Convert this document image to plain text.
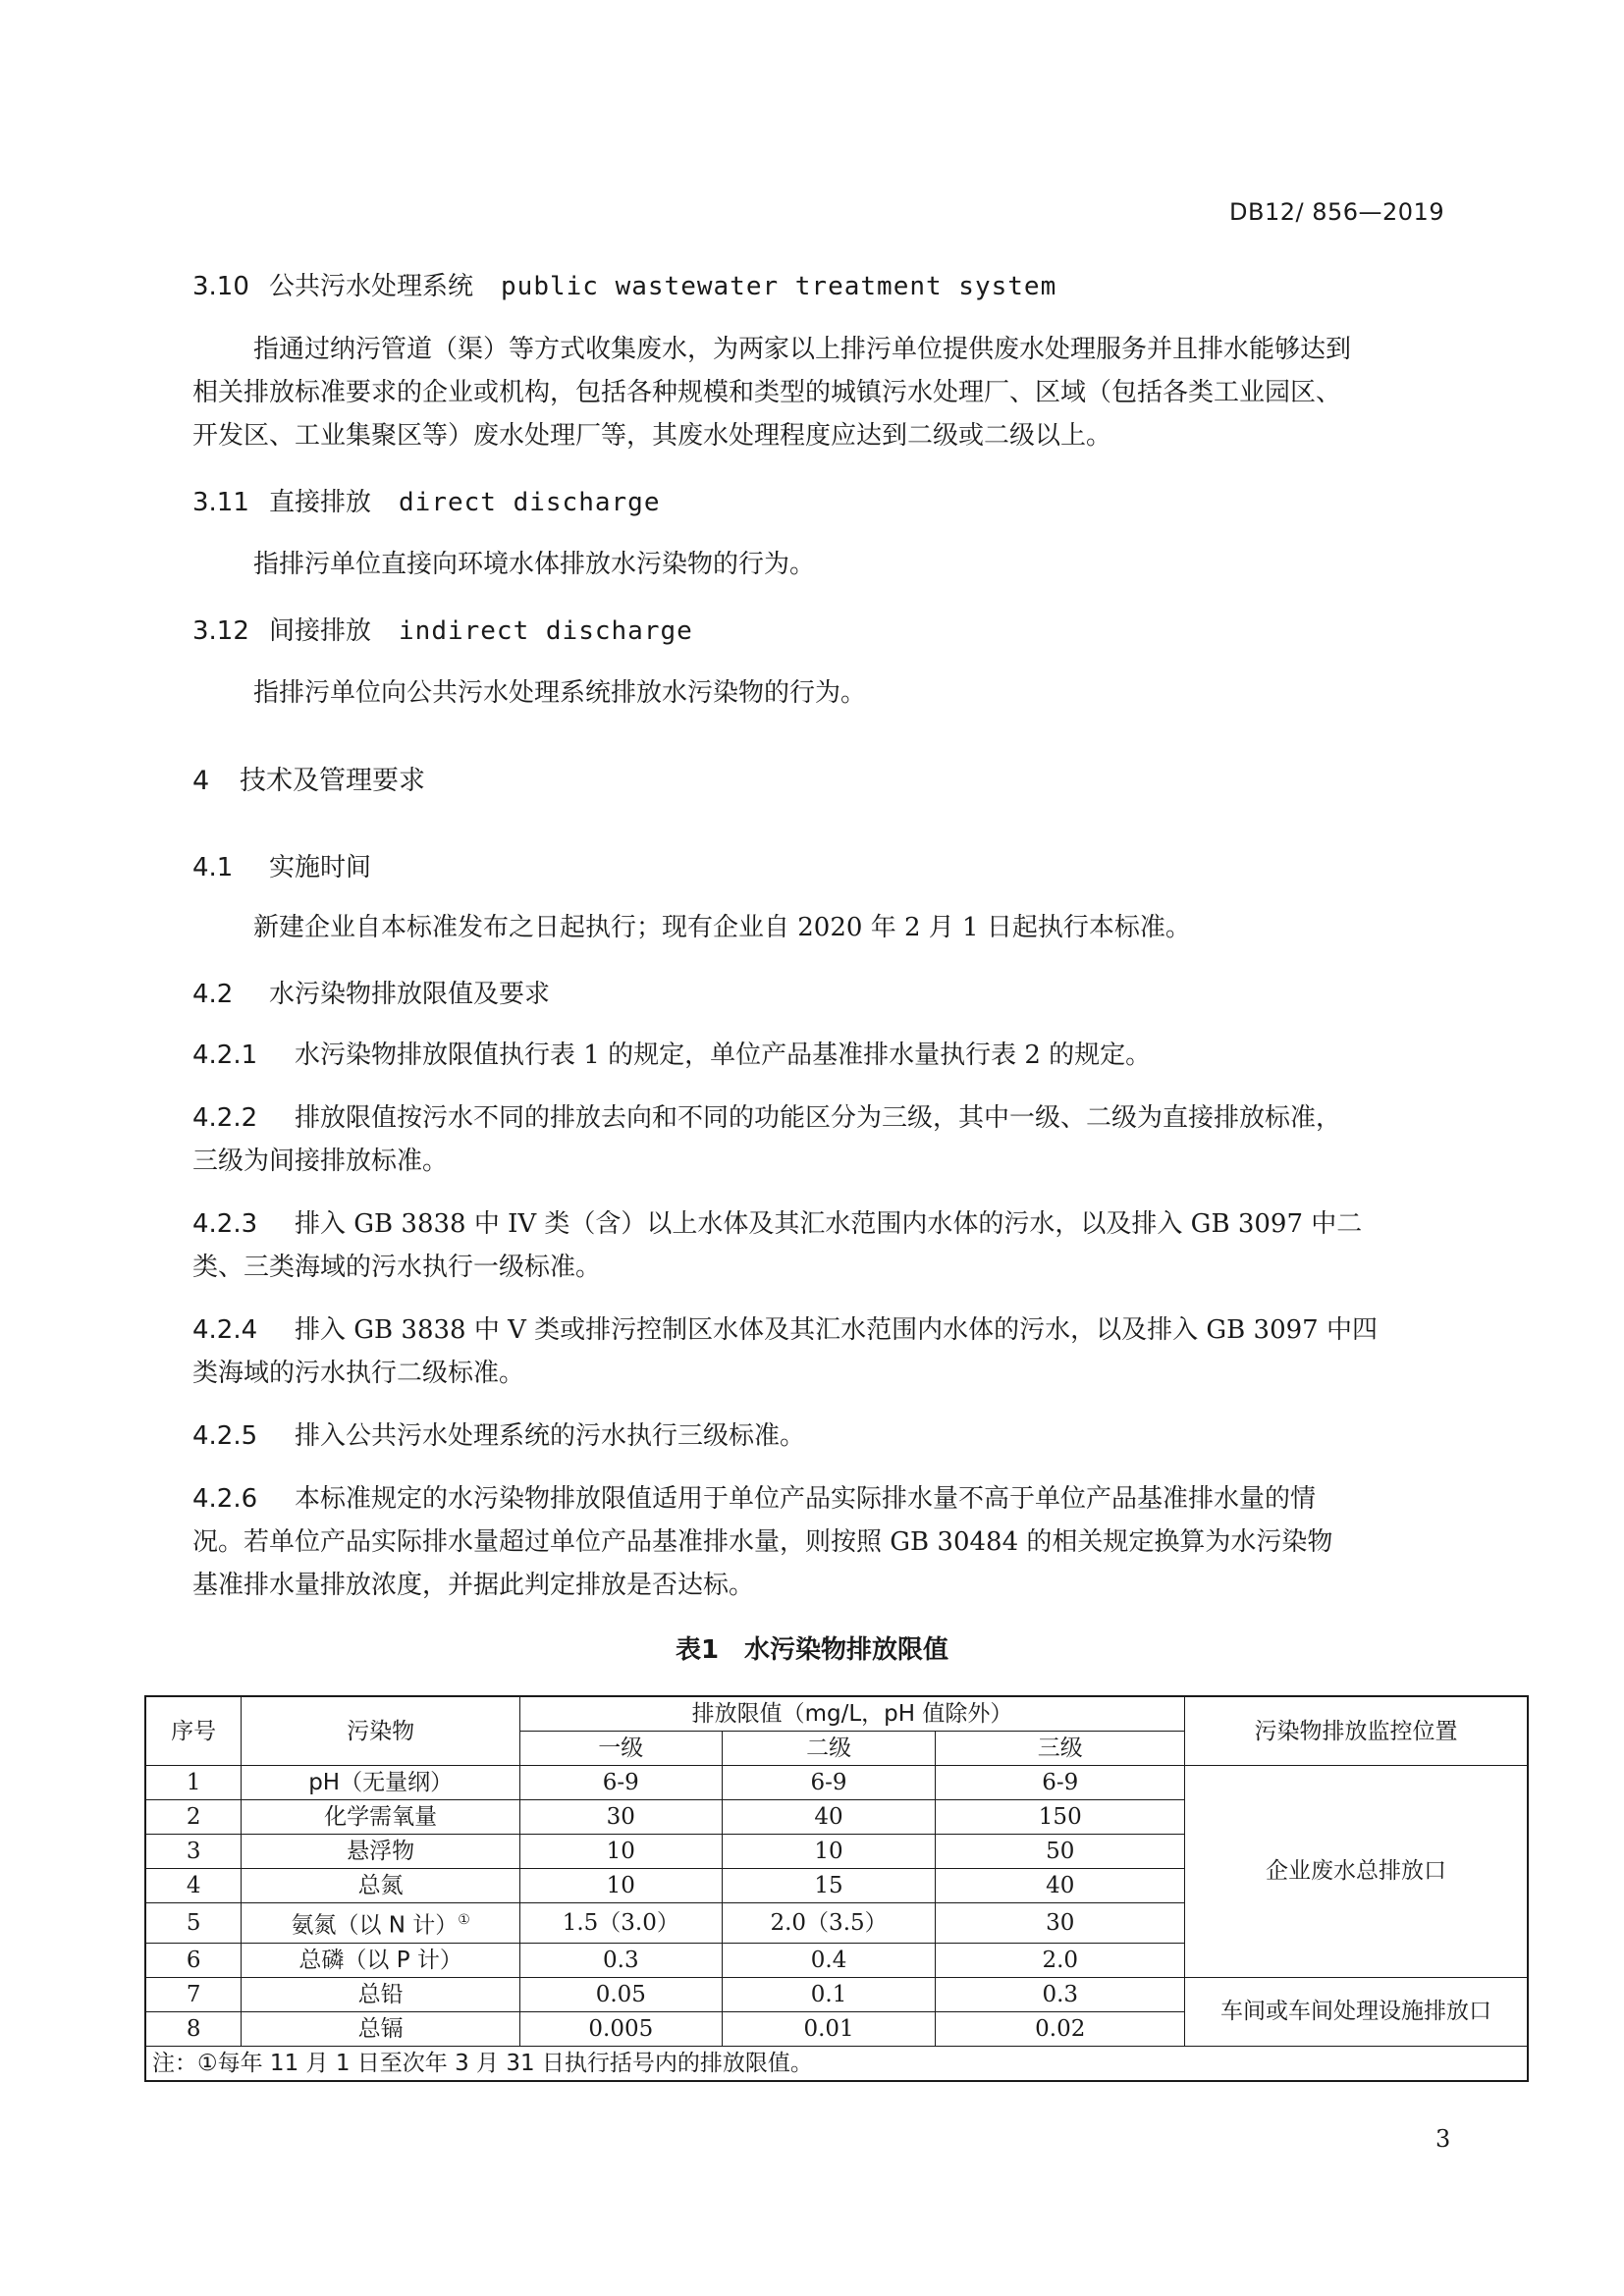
DB12/ 856—2019
3.10 公共污水处理系统 public wastewater treatment system
指通过纳污管道（渠）等方式收集废水，为两家以上排污单位提供废水处理服务并且排水能够达到
相关排放标准要求的企业或机构，包括各种规模和类型的城镇污水处理厂、区域（包括各类工业园区、
开发区、工业集聚区等）废水处理厂等，其废水处理程度应达到二级或二级以上。
3.11 直接排放 direct discharge
指排污单位直接向环境水体排放水污染物的行为。
3.12 间接排放 indirect discharge
指排污单位向公共污水处理系统排放水污染物的行为。
4 技术及管理要求
4.1 实施时间
新建企业自本标准发布之日起执行；现有企业自 2020 年 2 月 1 日起执行本标准。
4.2 水污染物排放限值及要求
4.2.1 水污染物排放限值执行表 1 的规定，单位产品基准排水量执行表 2 的规定。
4.2.2 排放限值按污水不同的排放去向和不同的功能区分为三级，其中一级、二级为直接排放标准，
三级为间接排放标准。
4.2.3 排入 GB 3838 中 IV 类（含）以上水体及其汇水范围内水体的污水，以及排入 GB 3097 中二
类、三类海域的污水执行一级标准。
4.2.4 排入 GB 3838 中 V 类或排污控制区水体及其汇水范围内水体的污水，以及排入 GB 3097 中四
类海域的污水执行二级标准。
4.2.5 排入公共污水处理系统的污水执行三级标准。
4.2.6 本标准规定的水污染物排放限值适用于单位产品实际排水量不高于单位产品基准排水量的情
况。若单位产品实际排水量超过单位产品基准排水量，则按照 GB 30484 的相关规定换算为水污染物
基准排水量排放浓度，并据此判定排放是否达标。
表1　水污染物排放限值
序号	污染物	排放限值（mg/L，pH 值除外）			污染物排放监控位置
		一级	二级	三级	
1	pH（无量纲）	6-9	6-9	6-9	企业废水总排放口
2	化学需氧量	30	40	150	
3	悬浮物	10	10	50	
4	总氮	10	15	40	
5	氨氮（以 N 计）①	1.5（3.0）	2.0（3.5）	30	
6	总磷（以 P 计）	0.3	0.4	2.0	
7	总铅	0.05	0.1	0.3	车间或车间处理设施排放口
8	总镉	0.005	0.01	0.02	
注：①每年 11 月 1 日至次年 3 月 31 日执行括号内的排放限值。					
3
